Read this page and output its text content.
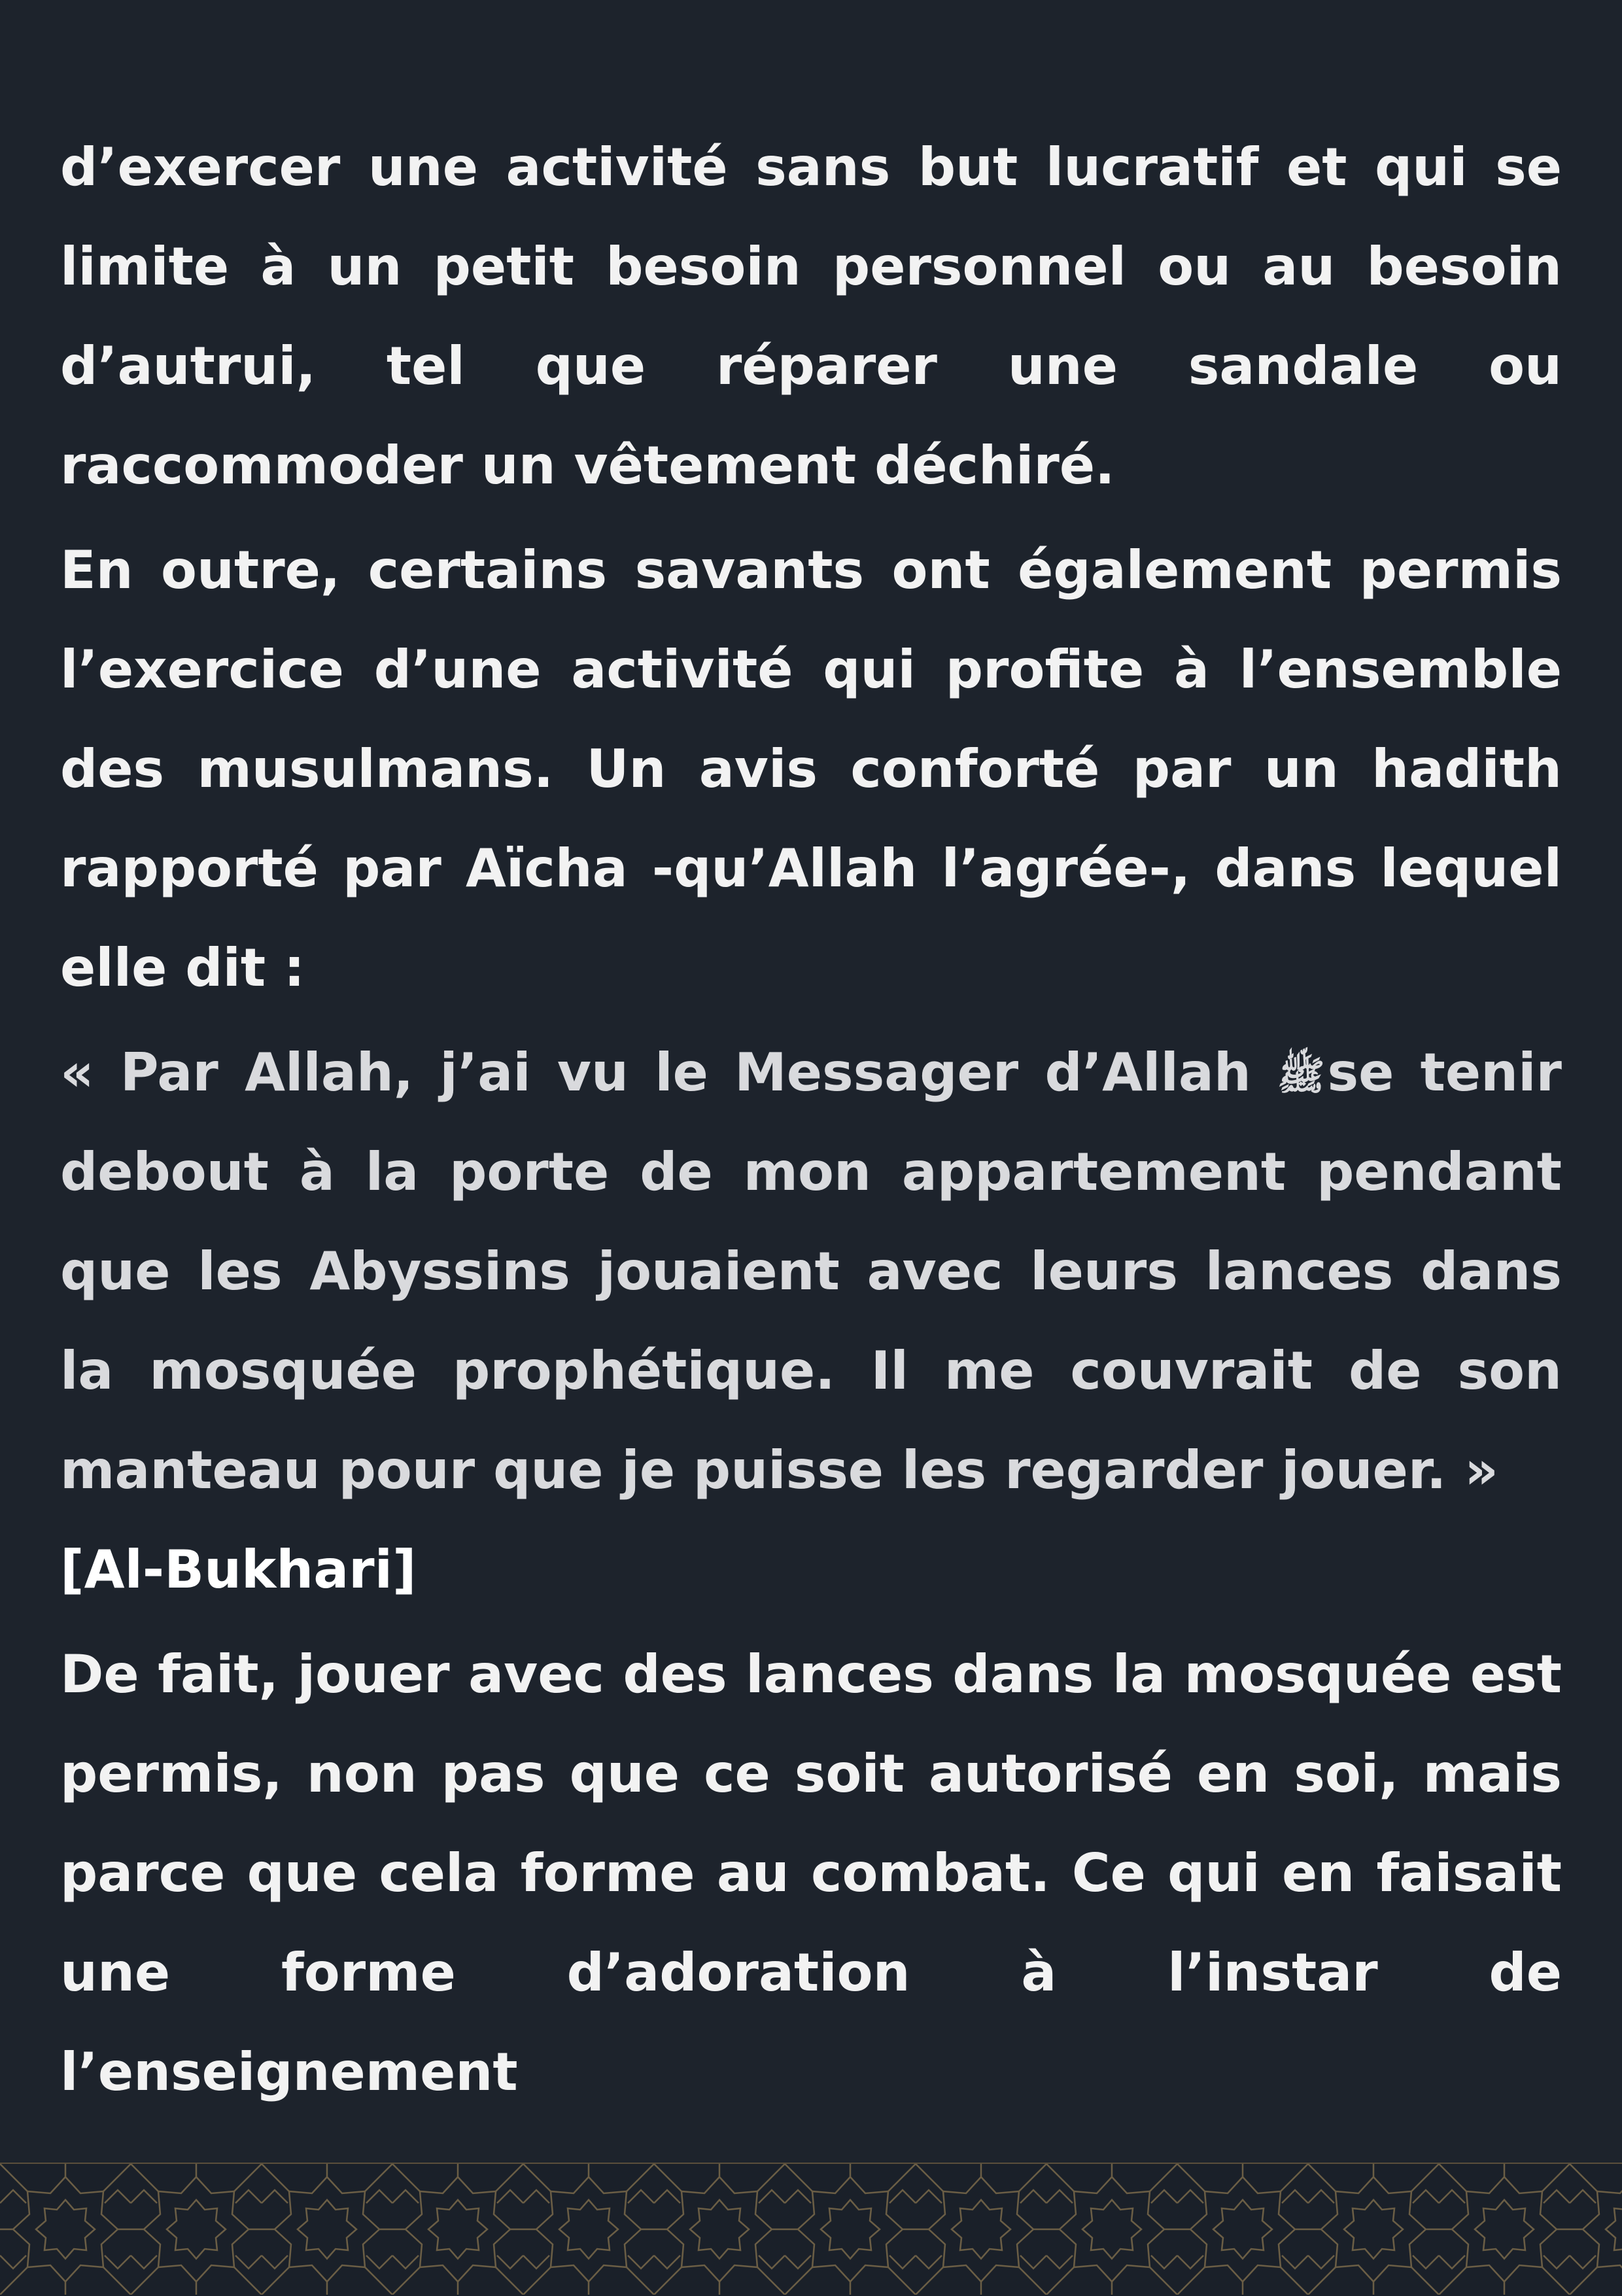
d’exercer une activité sans but lucratif et qui se limite à un petit besoin personnel ou au besoin d’autrui, tel que réparer une sandale ou raccommoder un vêtement déchiré.

En outre, certains savants ont également permis l’exercice d’une activité qui profite à l’ensemble des musulmans. Un avis conforté par un hadith rapporté par Aïcha -qu’Allah l’agrée-, dans lequel elle dit :

« Par Allah, j’ai vu le Messager d’Allah ﷺse tenir debout à la porte de mon appartement pendant que les Abyssins jouaient avec leurs lances dans la mosquée prophétique. Il me couvrait de son manteau pour que je puisse les regarder jouer. »
[Al-Bukhari]

De fait, jouer avec des lances dans la mosquée est permis, non pas que ce soit autorisé en soi, mais parce que cela forme au combat. Ce qui en faisait une forme d’adoration à l’instar de l’enseignement
